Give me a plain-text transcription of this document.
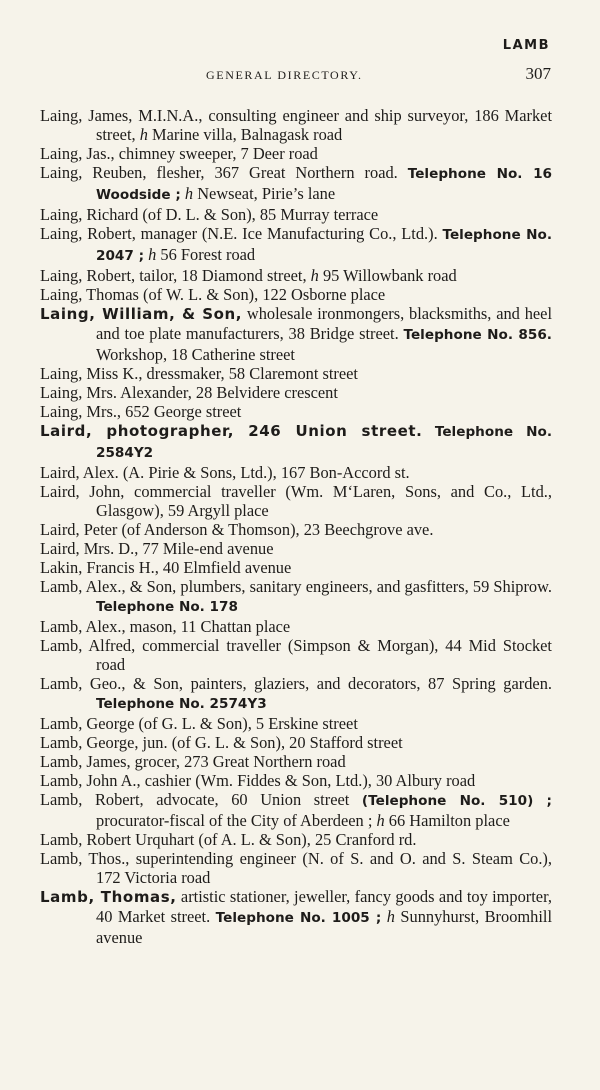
LAMB
GENERAL DIRECTORY.	307
Laing, James, M.I.N.A., consulting engineer and ship surveyor, 186 Market street, h Marine villa, Balnagask road
Laing, Jas., chimney sweeper, 7 Deer road
Laing, Reuben, flesher, 367 Great Northern road. Telephone No. 16 Woodside ; h Newseat, Pirie’s lane
Laing, Richard (of D. L. & Son), 85 Murray terrace
Laing, Robert, manager (N.E. Ice Manufacturing Co., Ltd.). Telephone No. 2047 ; h 56 Forest road
Laing, Robert, tailor, 18 Diamond street, h 95 Willowbank road
Laing, Thomas (of W. L. & Son), 122 Osborne place
Laing, William, & Son, wholesale ironmongers, blacksmiths, and heel and toe plate manufacturers, 38 Bridge street. Telephone No. 856. Workshop, 18 Catherine street
Laing, Miss K., dressmaker, 58 Claremont street
Laing, Mrs. Alexander, 28 Belvidere crescent
Laing, Mrs., 652 George street
Laird, photographer, 246 Union street. Telephone No. 2584Y2
Laird, Alex. (A. Pirie & Sons, Ltd.), 167 Bon-Accord st.
Laird, John, commercial traveller (Wm. M‘Laren, Sons, and Co., Ltd., Glasgow), 59 Argyll place
Laird, Peter (of Anderson & Thomson), 23 Beechgrove ave.
Laird, Mrs. D., 77 Mile-end avenue
Lakin, Francis H., 40 Elmfield avenue
Lamb, Alex., & Son, plumbers, sanitary engineers, and gasfitters, 59 Shiprow. Telephone No. 178
Lamb, Alex., mason, 11 Chattan place
Lamb, Alfred, commercial traveller (Simpson & Morgan), 44 Mid Stocket road
Lamb, Geo., & Son, painters, glaziers, and decorators, 87 Spring garden. Telephone No. 2574Y3
Lamb, George (of G. L. & Son), 5 Erskine street
Lamb, George, jun. (of G. L. & Son), 20 Stafford street
Lamb, James, grocer, 273 Great Northern road
Lamb, John A., cashier (Wm. Fiddes & Son, Ltd.), 30 Albury road
Lamb, Robert, advocate, 60 Union street (Telephone No. 510) ; procurator-fiscal of the City of Aberdeen ; h 66 Hamilton place
Lamb, Robert Urquhart (of A. L. & Son), 25 Cranford rd.
Lamb, Thos., superintending engineer (N. of S. and O. and S. Steam Co.), 172 Victoria road
Lamb, Thomas, artistic stationer, jeweller, fancy goods and toy importer, 40 Market street. Telephone No. 1005 ; h Sunnyhurst, Broomhill avenue
